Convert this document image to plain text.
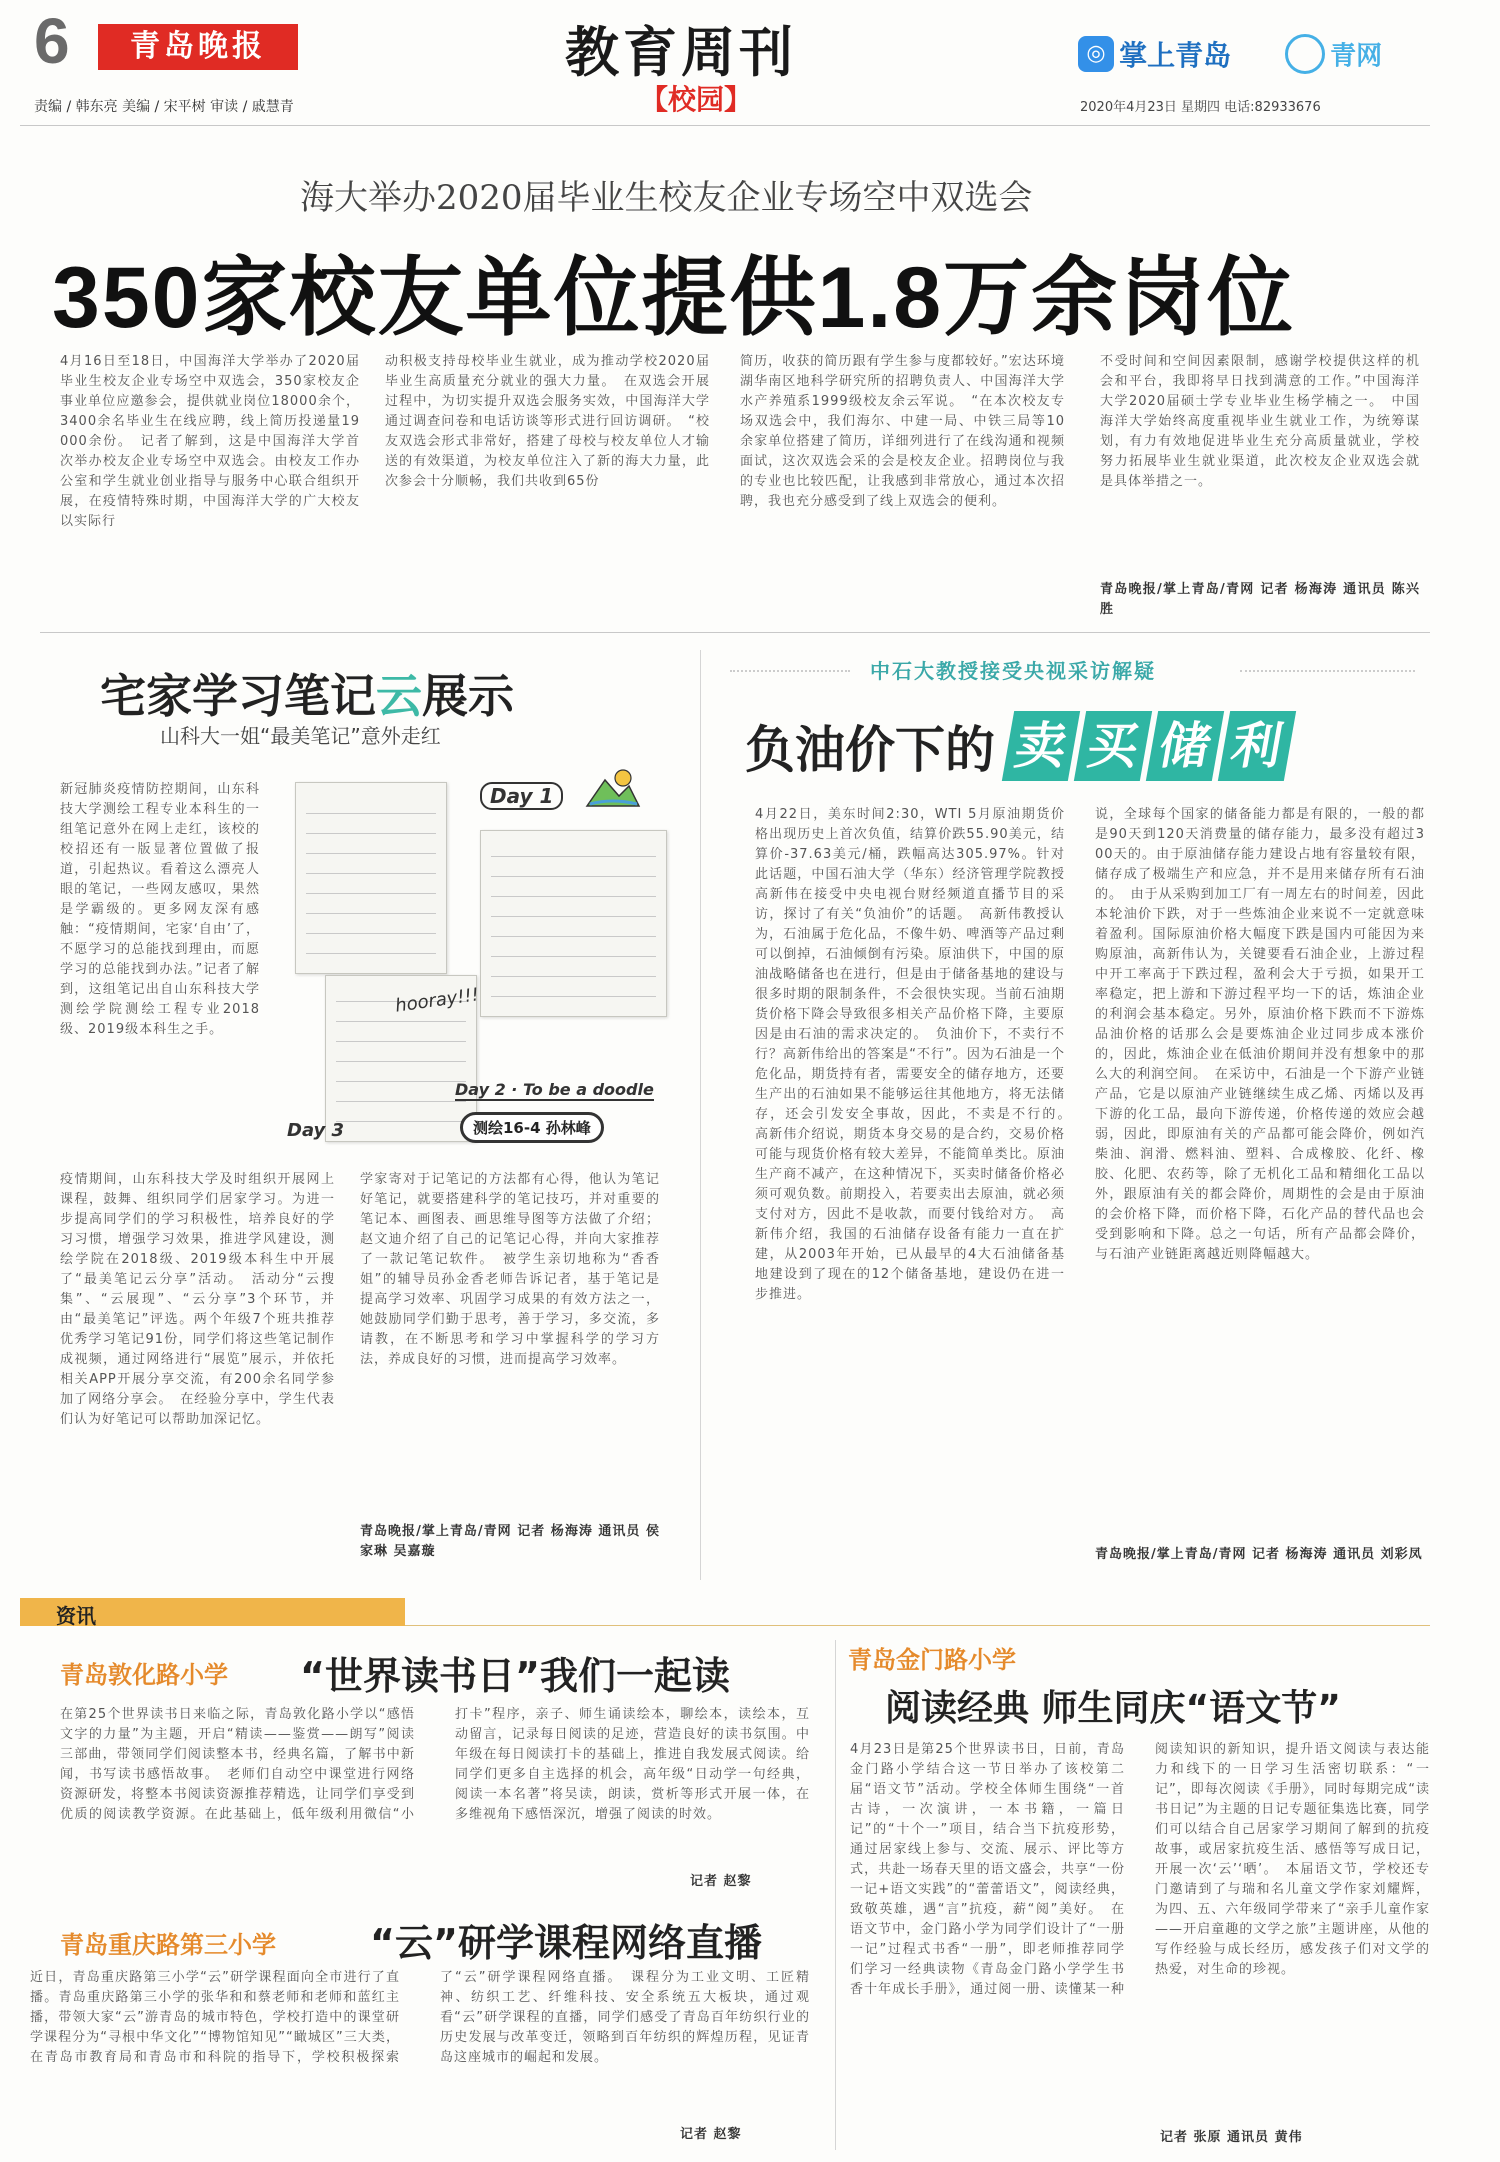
6	青岛晚报
责编 / 韩东亮 美编 / 宋平树 审读 / 戚慧青
教育周刊
【校园】
◎ 掌上青岛	青网
2020年4月23日 星期四 电话:82933676
海大举办2020届毕业生校友企业专场空中双选会
350家校友单位提供1.8万余岗位
4月16日至18日，中国海洋大学举办了2020届毕业生校友企业专场空中双选会，350家校友企事业单位应邀参会，提供就业岗位18000余个，3400余名毕业生在线应聘，线上简历投递量19000余份。　记者了解到，这是中国海洋大学首次举办校友企业专场空中双选会。由校友工作办公室和学生就业创业指导与服务中心联合组织开展，在疫情特殊时期，中国海洋大学的广大校友以实际行
动积极支持母校毕业生就业，成为推动学校2020届毕业生高质量充分就业的强大力量。　在双选会开展过程中，为切实提升双选会服务实效，中国海洋大学通过调查问卷和电话访谈等形式进行回访调研。　“校友双选会形式非常好，搭建了母校与校友单位人才输送的有效渠道，为校友单位注入了新的海大力量，此次参会十分顺畅，我们共收到65份
简历，收获的简历跟有学生参与度都较好。”宏达环境湖华南区地科学研究所的招聘负责人、中国海洋大学水产养殖系1999级校友余云军说。　“在本次校友专场双选会中，我们海尔、中建一局、中铁三局等10余家单位搭建了简历，详细列进行了在线沟通和视频面试，这次双选会采的会是校友企业。招聘岗位与我的专业也比较匹配，让我感到非常放心，通过本次招聘，我也充分感受到了线上双选会的便利。
不受时间和空间因素限制，感谢学校提供这样的机会和平台，我即将早日找到满意的工作。”中国海洋大学2020届硕士学专业毕业生杨学楠之一。　中国海洋大学始终高度重视毕业生就业工作，为统筹谋划，有力有效地促进毕业生充分高质量就业，学校努力拓展毕业生就业渠道，此次校友企业双选会就是具体举措之一。
青岛晚报/掌上青岛/青网 记者 杨海涛 通讯员 陈兴胜
宅家学习笔记云展示
山科大一姐“最美笔记”意外走红
新冠肺炎疫情防控期间，山东科技大学测绘工程专业本科生的一组笔记意外在网上走红，该校的校招还有一版显著位置做了报道，引起热议。看着这么漂亮人眼的笔记，一些网友感叹，果然是学霸级的。更多网友深有感触：“疫情期间，宅家‘自由’了，不愿学习的总能找到理由，而愿学习的总能找到办法。”记者了解到，这组笔记出自山东科技大学测绘学院测绘工程专业2018级、2019级本科生之手。
Day 1
hooray!!!
Day 2 · To be a doodle
测绘16-4 孙林峰
Day 3
疫情期间，山东科技大学及时组织开展网上课程，鼓舞、组织同学们居家学习。为进一步提高同学们的学习积极性，培养良好的学习习惯，增强学习效果，推进学风建设，测绘学院在2018级、2019级本科生中开展了“最美笔记云分享”活动。　活动分“云搜集”、“云展现”、“云分享”3个环节，并由“最美笔记”评选。两个年级7个班共推荐优秀学习笔记91份，同学们将这些笔记制作成视频，通过网络进行“展览”展示，并依托相关APP开展分享交流，有200余名同学参加了网络分享会。　在经验分享中，学生代表们认为好笔记可以帮助加深记忆。
学家寄对于记笔记的方法都有心得，他认为笔记好笔记，就要搭建科学的笔记技巧，并对重要的笔记本、画图表、画思维导图等方法做了介绍；赵文迪介绍了自己的记笔记心得，并向大家推荐了一款记笔记软件。　被学生亲切地称为“香香姐”的辅导员孙金香老师告诉记者，基于笔记是提高学习效率、巩固学习成果的有效方法之一，她鼓励同学们勤于思考，善于学习，多交流，多请教，在不断思考和学习中掌握科学的学习方法，养成良好的习惯，进而提高学习效率。
青岛晚报/掌上青岛/青网 记者 杨海涛 通讯员 侯家琳 吴嘉璇
中石大教授接受央视采访解疑
负油价下的 卖 买 储 利
4月22日，美东时间2:30，WTI 5月原油期货价格出现历史上首次负值，结算价跌55.90美元，结算价-37.63美元/桶，跌幅高达305.97%。针对此话题，中国石油大学（华东）经济管理学院教授高新伟在接受中央电视台财经频道直播节目的采访，探讨了有关“负油价”的话题。　高新伟教授认为，石油属于危化品，不像牛奶、啤酒等产品过剩可以倒掉，石油倾倒有污染。原油供下，中国的原油战略储备也在进行，但是由于储备基地的建设与很多时期的限制条件，不会很快实现。当前石油期货价格下降会导致很多相关产品价格下降，主要原因是由石油的需求决定的。　负油价下，不卖行不行？高新伟给出的答案是“不行”。因为石油是一个危化品，期货持有者，需要安全的储存地方，还要生产出的石油如果不能够运往其他地方，将无法储存，还会引发安全事故，因此，不卖是不行的。　高新伟介绍说，期货本身交易的是合约，交易价格可能与现货价格有较大差异，不能简单类比。原油生产商不减产，在这种情况下，买卖时储备价格必须可观负数。前期投入，若要卖出去原油，就必须支付对方，因此不是收款，而要付钱给对方。　高新伟介绍，我国的石油储存设备有能力一直在扩建，从2003年开始，已从最早的4大石油储备基地建设到了现在的12个储备基地，建设仍在进一步推进。
说，全球每个国家的储备能力都是有限的，一般的都是90天到120天消费量的储存能力，最多没有超过300天的。由于原油储存能力建设占地有容量较有限，储存成了极端生产和应急，并不是用来储存所有石油的。　由于从采购到加工厂有一周左右的时间差，因此本轮油价下跌，对于一些炼油企业来说不一定就意味着盈利。国际原油价格大幅度下跌是国内可能因为来购原油，高新伟认为，关键要看石油企业，上游过程中开工率高于下跌过程，盈利会大于亏损，如果开工率稳定，把上游和下游过程平均一下的话，炼油企业的利润会基本稳定。另外，原油价格下跌而不下游炼品油价格的话那么会是要炼油企业过同步成本涨价的，因此，炼油企业在低油价期间并没有想象中的那么大的利润空间。　在采访中，石油是一个下游产业链产品，它是以原油产业链继续生成乙烯、丙烯以及再下游的化工品，最向下游传递，价格传递的效应会越弱，因此，即原油有关的产品都可能会降价，例如汽柴油、润滑、燃料油、塑料、合成橡胶、化纤、橡胶、化肥、农药等，除了无机化工品和精细化工品以外，跟原油有关的都会降价，周期性的会是由于原油的会价格下降，而价格下降，石化产品的替代品也会受到影响和下降。总之一句话，所有产品都会降价，与石油产业链距离越近则降幅越大。
青岛晚报/掌上青岛/青网 记者 杨海涛 通讯员 刘彩凤
资讯
青岛敦化路小学 “世界读书日”我们一起读
在第25个世界读书日来临之际，青岛敦化路小学以“感悟文字的力量”为主题，开启“精读——鉴赏——朗写”阅读三部曲，带领同学们阅读整本书，经典名篇，了解书中新闻，书写读书感悟故事。　老师们自动空中课堂进行网络资源研发，将整本书阅读资源推荐精选，让同学们享受到优质的阅读教学资源。在此基础上，低年级利用微信“小打卡”程序，亲子、师生诵读绘本，聊绘本，读绘本，互动留言，记录每日阅读的足迹，营造良好的读书氛围。中年级在每日阅读打卡的基础上，推进自我发展式阅读。给同学们更多自主选择的机会，高年级“日动学一句经典，阅读一本名著”将吴读，朗读，赏析等形式开展一体，在多维视角下感悟深沉，增强了阅读的时效。
记者 赵黎
青岛重庆路第三小学 “云”研学课程网络直播
近日，青岛重庆路第三小学“云”研学课程面向全市进行了直播。青岛重庆路第三小学的张华和和蔡老师和老师和蓝红主播，带领大家“云”游青岛的城市特色，学校打造中的课堂研学课程分为“寻根中华文化”“博物馆知见”“瞰城区”三大类，在青岛市教育局和青岛市和科院的指导下，学校积极探索了“云”研学课程网络直播。　课程分为工业文明、工匠精神、纺织工艺、纤维科技、安全系统五大板块，通过观看“云”研学课程的直播，同学们感受了青岛百年纺织行业的历史发展与改革变迁，领略到百年纺织的辉煌历程，见证青岛这座城市的崛起和发展。
记者 赵黎
青岛金门路小学
阅读经典 师生同庆“语文节”
4月23日是第25个世界读书日，日前，青岛金门路小学结合这一节日举办了该校第二届“语文节”活动。学校全体师生围绕“一首古诗，一次演讲，一本书籍，一篇日记”的“十个一”项目，结合当下抗疫形势，通过居家线上参与、交流、展示、评比等方式，共赴一场春天里的语文盛会，共享“一份一记+语文实践”的“蕾蕾语文”，阅读经典，致敬英雄，遇“言”抗疫，薪“阅”美好。　在语文节中，金门路小学为同学们设计了“一册一记”过程式书香“一册”，即老师推荐同学们学习一经典读物《青岛金门路小学学生书香十年成长手册》，通过阅一册、读懂某一种阅读知识的新知识，提升语文阅读与表达能力和线下的一日学习生活密切联系：“一记”，即每次阅读《手册》，同时每期完成“读书日记”为主题的日记专题征集选比赛，同学们可以结合自己居家学习期间了解到的抗疫故事，或居家抗疫生活、感悟等写成日记，开展一次‘云’‘晒’。　本届语文节，学校还专门邀请到了与瑞和名儿童文学作家刘耀辉，为四、五、六年级同学带来了“亲手儿童作家——开启童趣的文学之旅”主题讲座，从他的写作经验与成长经历，感发孩子们对文学的热爱，对生命的珍视。
记者 张原 通讯员 黄伟
